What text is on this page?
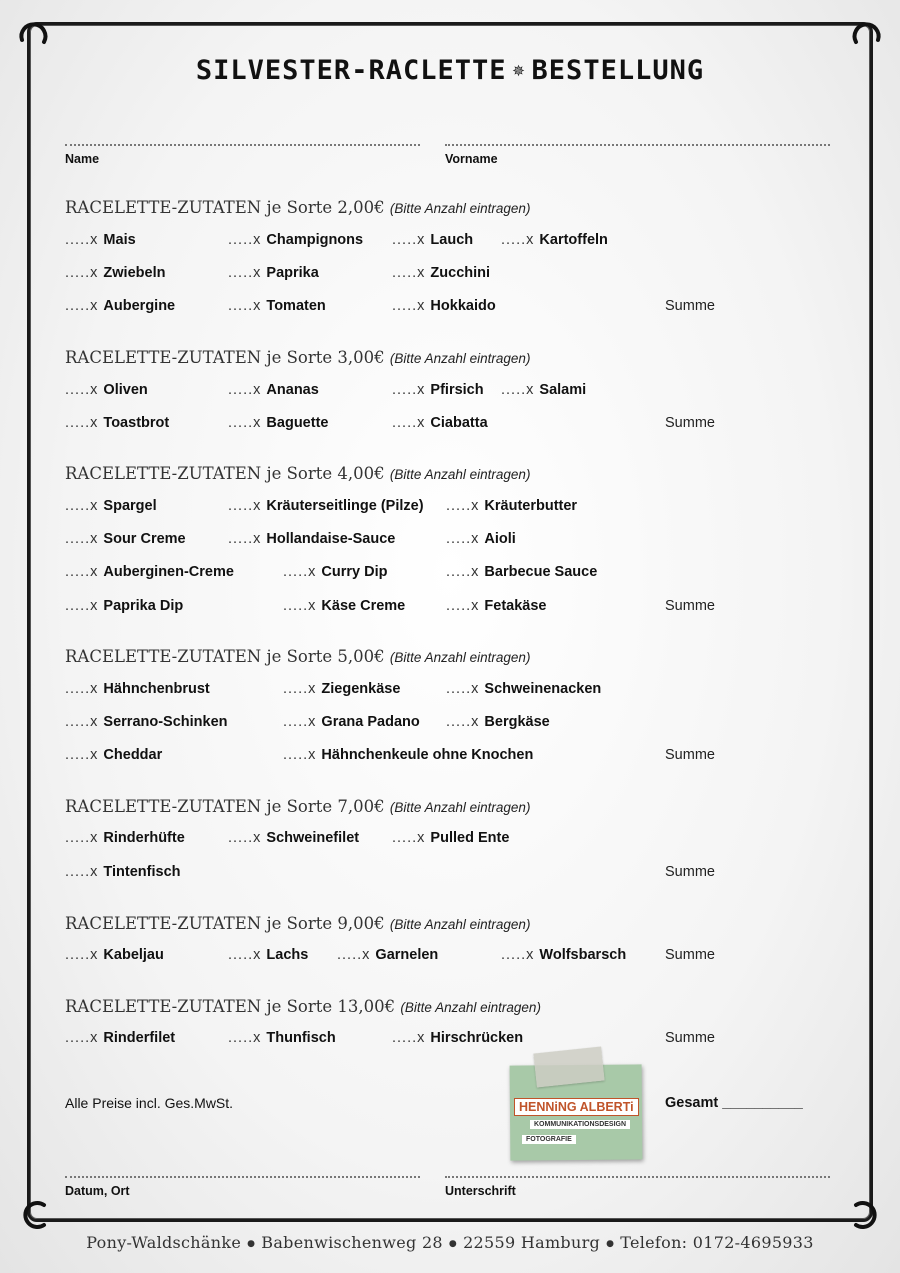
SILVESTER-RACLETTE ✵ BESTELLUNG
Name	Vorname
RACELETTE-ZUTATEN je Sorte 2,00€ (Bitte Anzahl eintragen)
.....x Mais	.....x Champignons .....x Lauch .....x Kartoffeln
.....x Zwiebeln	.....x Paprika	.....x Zucchini
.....x Aubergine	.....x Tomaten	.....x Hokkaido	Summe
RACELETTE-ZUTATEN je Sorte 3,00€ (Bitte Anzahl eintragen)
.....x Oliven	.....x Ananas	.....x Pfirsich .....x Salami
.....x Toastbrot	.....x Baguette	.....x Ciabatta	Summe
RACELETTE-ZUTATEN je Sorte 4,00€ (Bitte Anzahl eintragen)
.....x Spargel	.....x Kräuterseitlinge (Pilze) .....x Kräuterbutter
.....x Sour Creme	.....x Hollandaise-Sauce	.....x Aioli
.....x Auberginen-Creme	.....x Curry Dip	.....x Barbecue Sauce
.....x Paprika Dip	.....x Käse Creme	.....x Fetakäse	Summe
RACELETTE-ZUTATEN je Sorte 5,00€ (Bitte Anzahl eintragen)
.....x Hähnchenbrust	.....x Ziegenkäse	.....x Schweinenacken
.....x Serrano-Schinken	.....x Grana Padano .....x Bergkäse
.....x Cheddar	.....x Hähnchenkeule ohne Knochen	Summe
RACELETTE-ZUTATEN je Sorte 7,00€ (Bitte Anzahl eintragen)
.....x Rinderhüfte	.....x Schweinefilet .....x Pulled Ente
.....x Tintenfisch	Summe
RACELETTE-ZUTATEN je Sorte 9,00€ (Bitte Anzahl eintragen)
.....x Kabeljau	.....x Lachs .....x Garnelen	.....x Wolfsbarsch	Summe
RACELETTE-ZUTATEN je Sorte 13,00€ (Bitte Anzahl eintragen)
.....x Rinderfilet	.....x Thunfisch	.....x Hirschrücken	Summe
Alle Preise incl. Ges.MwSt.	Gesamt __________
HENNiNG ALBERTi
KOMMUNIKATIONSDESIGN
FOTOGRAFIE
Datum, Ort	Unterschrift
Pony-Waldschänke ● Babenwischenweg 28 ● 22559 Hamburg ● Telefon: 0172-4695933
